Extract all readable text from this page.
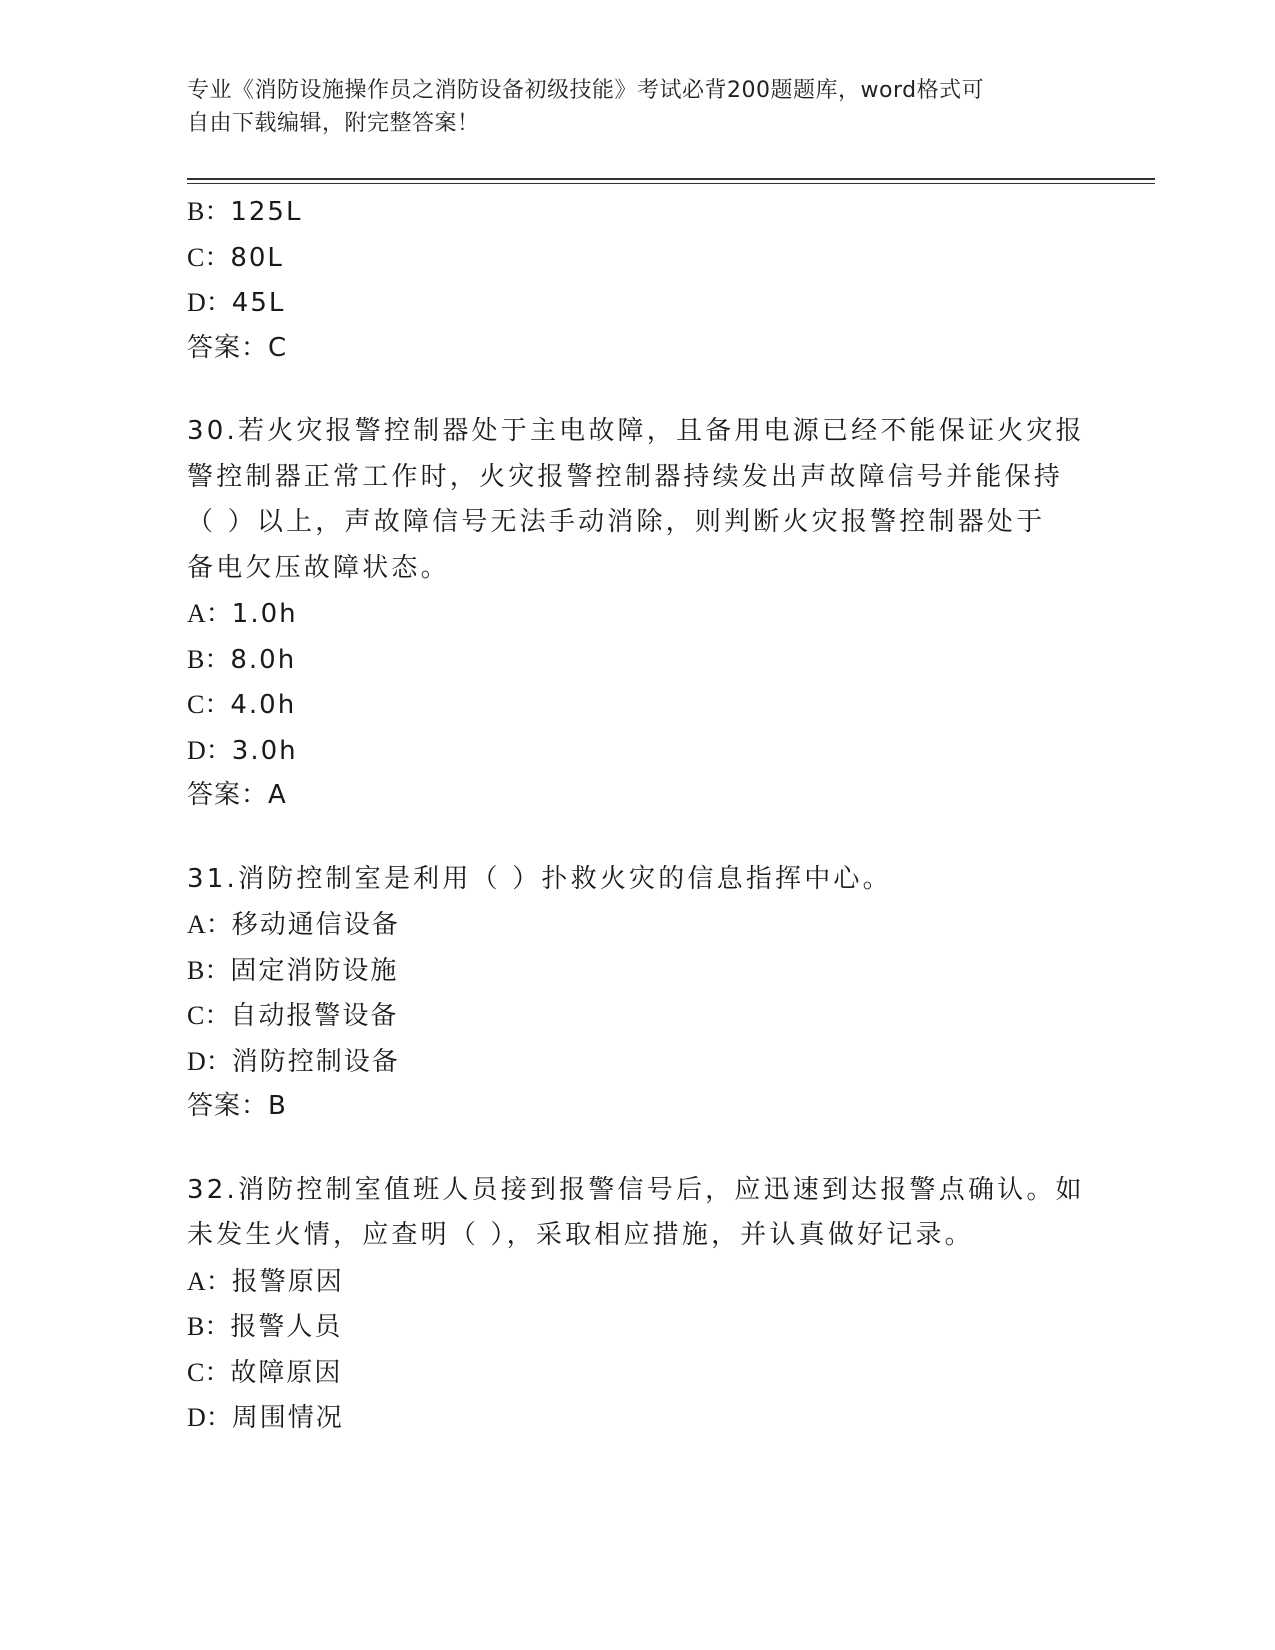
专业《消防设施操作员之消防设备初级技能》考试必背200题题库，word格式可
自由下载编辑，附完整答案！
B：125L
C：80L
D：45L
答案：C
30.若火灾报警控制器处于主电故障，且备用电源已经不能保证火灾报
警控制器正常工作时，火灾报警控制器持续发出声故障信号并能保持
（ ）以上，声故障信号无法手动消除，则判断火灾报警控制器处于
备电欠压故障状态。
A：1.0h
B：8.0h
C：4.0h
D：3.0h
答案：A
31.消防控制室是利用（ ）扑救火灾的信息指挥中心。
A：移动通信设备
B：固定消防设施
C：自动报警设备
D：消防控制设备
答案：B
32.消防控制室值班人员接到报警信号后，应迅速到达报警点确认。如
未发生火情，应查明（ ），采取相应措施，并认真做好记录。
A：报警原因
B：报警人员
C：故障原因
D：周围情况
